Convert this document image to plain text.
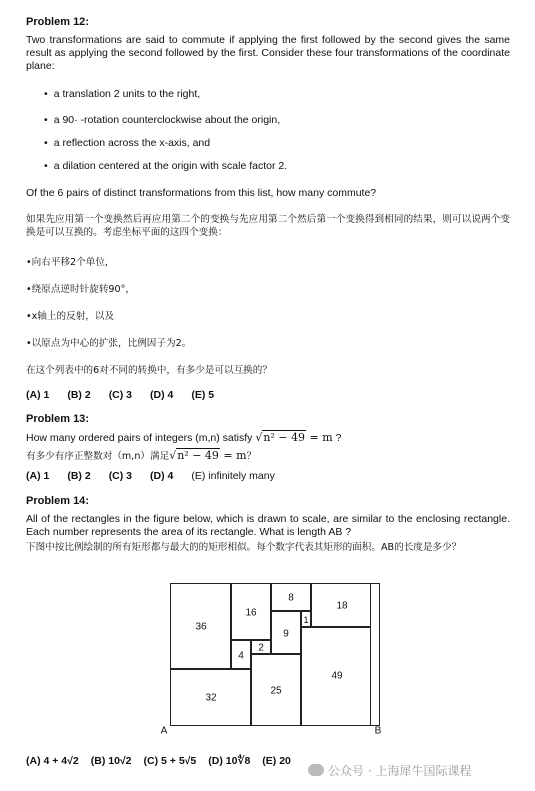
Problem 12:
Two transformations are said to commute if applying the first followed by the second gives the same result as applying the second followed by the first. Consider these four transformations of the coordinate plane:
• a translation 2 units to the right,
• a 90· -rotation counterclockwise about the origin,
• a reflection across the x-axis, and
• a dilation centered at the origin with scale factor 2.
Of the 6 pairs of distinct transformations from this list, how many commute?
如果先应用第一个变换然后再应用第二个的变换与先应用第二个然后第一个变换得到相同的结果，则可以说两个变换是可以互换的。考虑坐标平面的这四个变换：
•向右平移2个单位，
•绕原点逆时针旋转90°，
•x轴上的反射，以及
•以原点为中心的扩张，比例因子为2。
在这个列表中的6对不同的转换中，有多少是可以互换的？
(A) 1 (B) 2 (C) 3 (D) 4 (E) 5
Problem 13:
How many ordered pairs of integers (m,n) satisfy √n² − 49 = m ?
有多少有序正整数对（m,n）满足√n² − 49 = m？
(A) 1 (B) 2 (C) 3 (D) 4 (E) infinitely many
Problem 14:
All of the rectangles in the figure below, which is drawn to scale, are similar to the enclosing rectangle. Each number represents the area of its rectangle. What is length AB ?
下图中按比例绘制的所有矩形都与最大的的矩形相似。每个数字代表其矩形的面积。AB的长度是多少？
36
16
8
18
1
9
4
2
32
25
49
A	B
(A) 4 + 4√2 (B) 10√2 (C) 5 + 5√5 (D) 10∜8 (E) 20
公众号 · 上海犀牛国际课程
